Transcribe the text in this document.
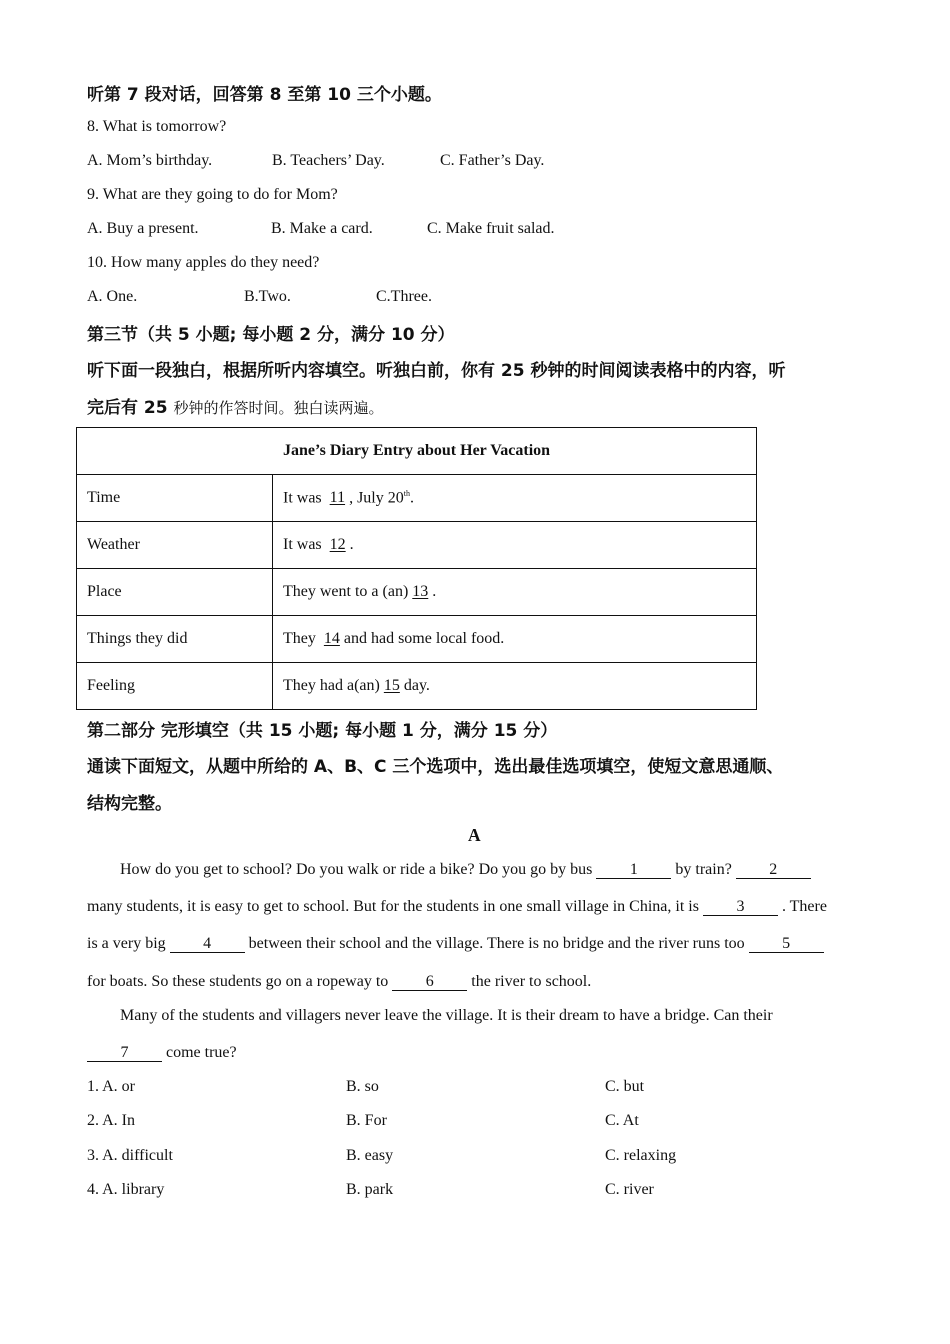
听第 7 段对话，回答第 8 至第 10 三个小题。
8. What is tomorrow?
A. Mom’s birthday.	B. Teachers’ Day.	C. Father’s Day.
9. What are they going to do for Mom?
A. Buy a present.	B. Make a card.	C. Make fruit salad.
10. How many apples do they need?
A. One.	B.Two.	C.Three.
第三节（共 5 小题; 每小题 2 分，满分 10 分）
听下面一段独白，根据所听内容填空。听独白前，你有 25 秒钟的时间阅读表格中的内容，听
完后有 25 秒钟的作答时间。独白读两遍。
Jane’s Diary Entry about Her Vacation	
Time	It was 11 , July 20th.
Weather	It was 12 .
Place	They went to a (an) 13 .
Things they did	They 14 and had some local food.
Feeling	They had a(an) 15 day.
第二部分 完形填空（共 15 小题; 每小题 1 分，满分 15 分）
通读下面短文，从题中所给的 A、B、C 三个选项中，选出最佳选项填空，使短文意思通顺、
结构完整。
A
How do you get to school? Do you walk or ride a bike? Do you go by bus 1 by train? 2
many students, it is easy to get to school. But for the students in one small village in China, it is 3 . There
is a very big 4 between their school and the village. There is no bridge and the river runs too 5
for boats. So these students go on a ropeway to 6 the river to school.
Many of the students and villagers never leave the village. It is their dream to have a bridge. Can their
7 come true?
1. A. or	B. so	C. but
2. A. In	B. For	C. At
3. A. difficult	B. easy	C. relaxing
4. A. library	B. park	C. river
